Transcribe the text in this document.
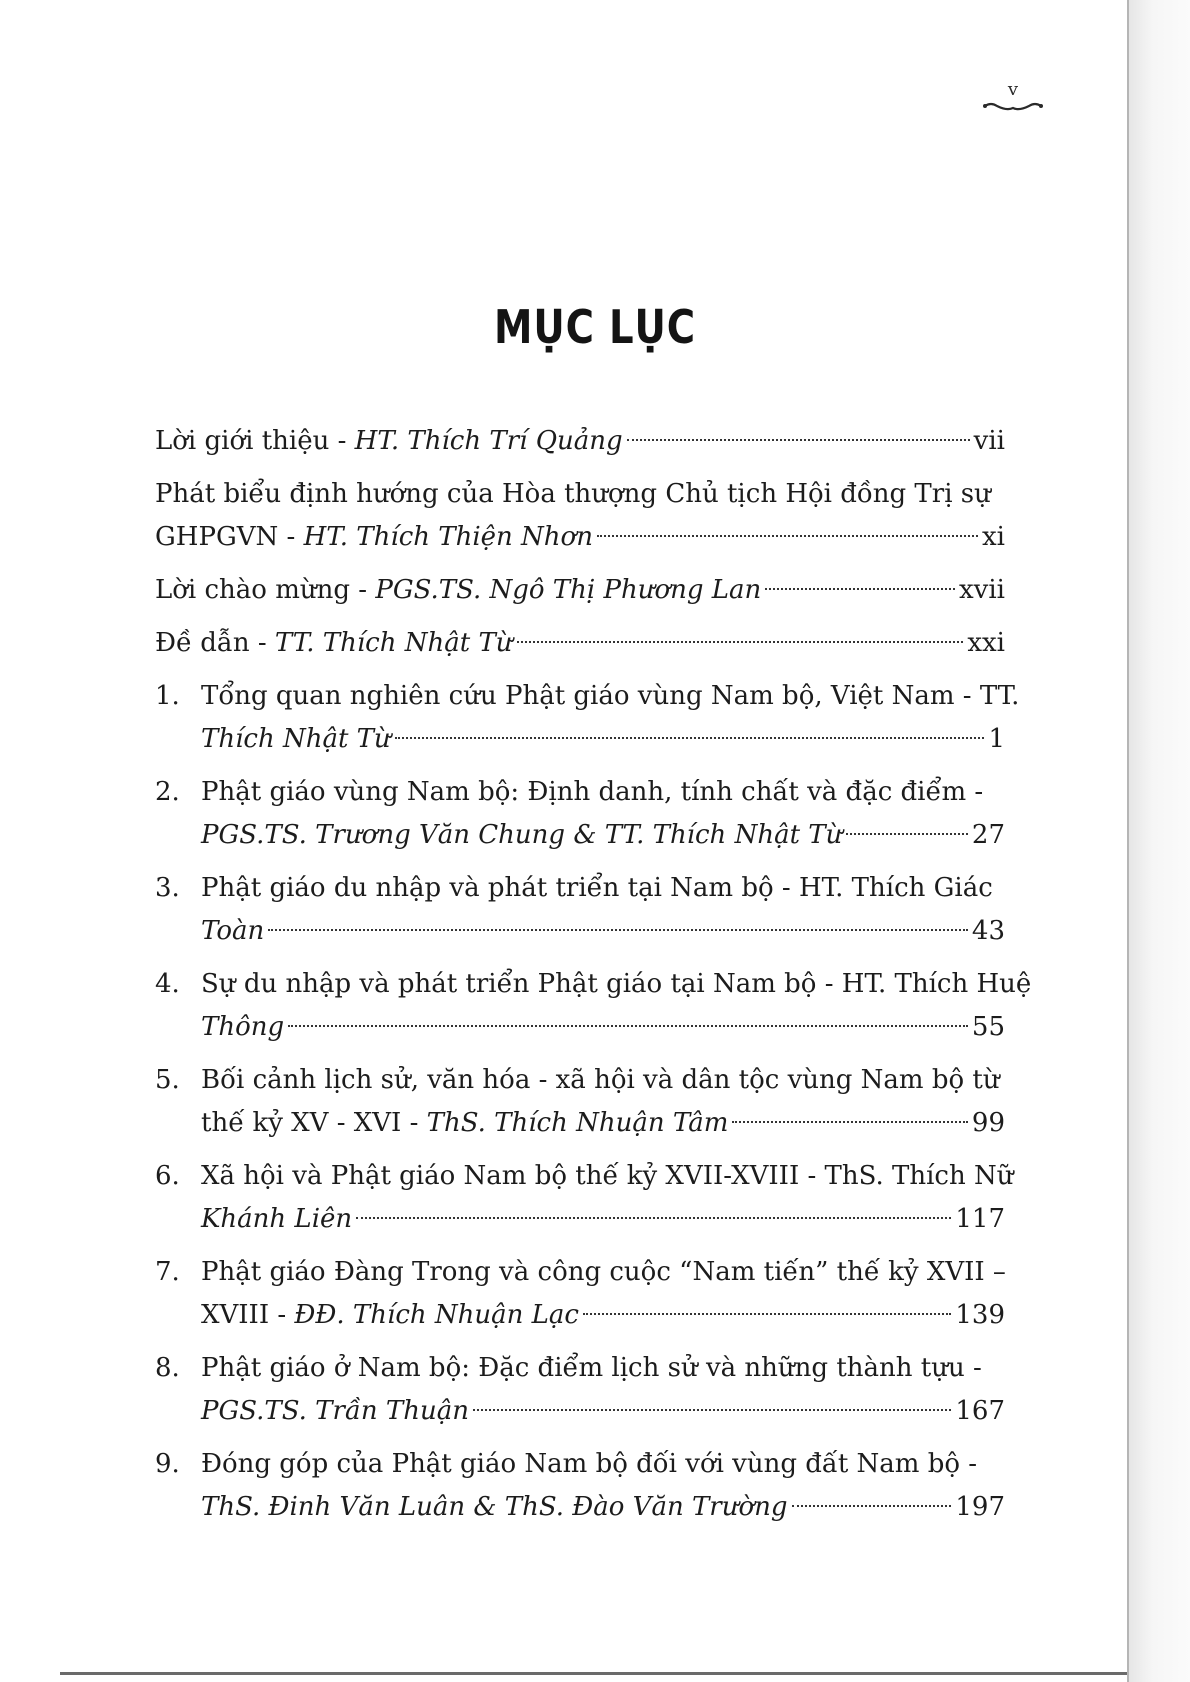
v
MỤC LỤC
Lời giới thiệu - HT. Thích Trí Quảng	vii
Phát biểu định hướng của Hòa thượng Chủ tịch Hội đồng Trị sự
GHPGVN - HT. Thích Thiện Nhơn	xi
Lời chào mừng - PGS.TS. Ngô Thị Phương Lan	xvii
Đề dẫn - TT. Thích Nhật Từ	xxi
1. Tổng quan nghiên cứu Phật giáo vùng Nam bộ, Việt Nam - TT.
Thích Nhật Từ	1
2. Phật giáo vùng Nam bộ: Định danh, tính chất và đặc điểm -
PGS.TS. Trương Văn Chung & TT. Thích Nhật Từ	27
3. Phật giáo du nhập và phát triển tại Nam bộ - HT. Thích Giác
Toàn	43
4. Sự du nhập và phát triển Phật giáo tại Nam bộ - HT. Thích Huệ
Thông	55
5. Bối cảnh lịch sử, văn hóa - xã hội và dân tộc vùng Nam bộ từ
thế kỷ XV - XVI - ThS. Thích Nhuận Tâm	99
6. Xã hội và Phật giáo Nam bộ thế kỷ XVII-XVIII - ThS. Thích Nữ
Khánh Liên	117
7. Phật giáo Đàng Trong và công cuộc “Nam tiến” thế kỷ XVII –
XVIII - ĐĐ. Thích Nhuận Lạc	139
8. Phật giáo ở Nam bộ: Đặc điểm lịch sử và những thành tựu -
PGS.TS. Trần Thuận	167
9. Đóng góp của Phật giáo Nam bộ đối với vùng đất Nam bộ -
ThS. Đinh Văn Luân & ThS. Đào Văn Trường	197
